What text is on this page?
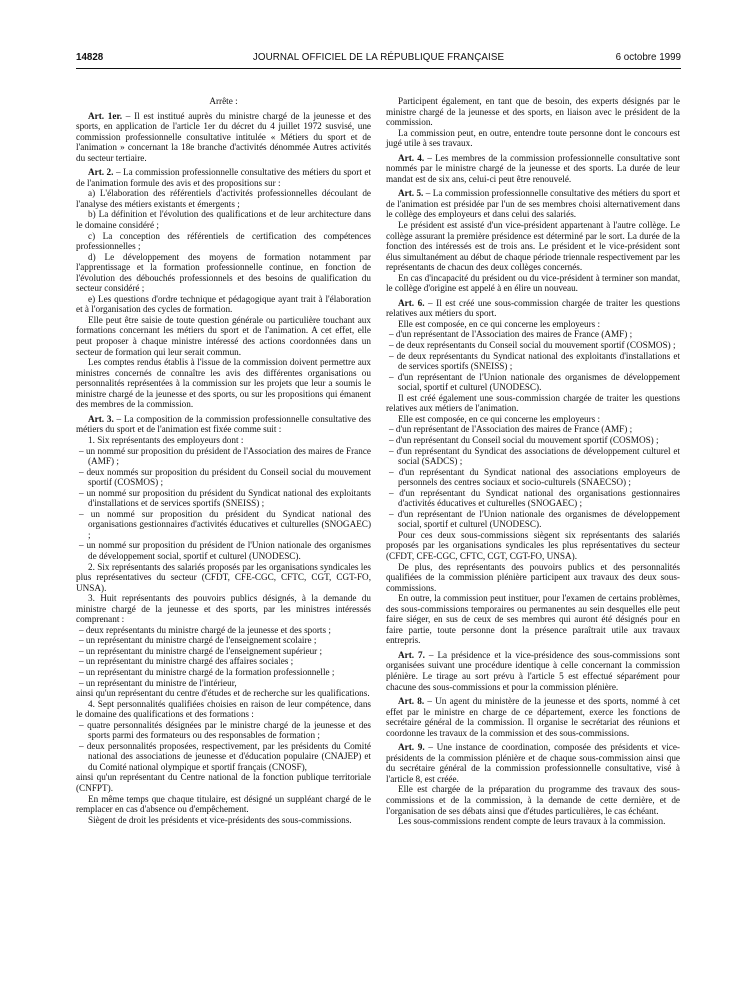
14828	JOURNAL OFFICIEL DE LA RÉPUBLIQUE FRANÇAISE	6 octobre 1999

Arrête :

Art. 1er. – Il est institué auprès du ministre chargé de la jeunesse et des sports, en application de l'article 1er du décret du 4 juillet 1972 susvisé, une commission professionnelle consultative intitulée « Métiers du sport et de l'animation » concernant la 18e branche d'activités dénommée Autres activités du secteur tertiaire.

Art. 2. – La commission professionnelle consultative des métiers du sport et de l'animation formule des avis et des propositions sur :

a) L'élaboration des référentiels d'activités professionnelles découlant de l'analyse des métiers existants et émergents ;

b) La définition et l'évolution des qualifications et de leur architecture dans le domaine considéré ;

c) La conception des référentiels de certification des compétences professionnelles ;

d) Le développement des moyens de formation notamment par l'apprentissage et la formation professionnelle continue, en fonction de l'évolution des débouchés professionnels et des besoins de qualification du secteur considéré ;

e) Les questions d'ordre technique et pédagogique ayant trait à l'élaboration et à l'organisation des cycles de formation.

Elle peut être saisie de toute question générale ou particulière touchant aux formations concernant les métiers du sport et de l'animation. A cet effet, elle peut proposer à chaque ministre intéressé des actions coordonnées dans un secteur de formation qui leur serait commun.

Les comptes rendus établis à l'issue de la commission doivent permettre aux ministres concernés de connaître les avis des différentes organisations ou personnalités représentées à la commission sur les projets que leur a soumis le ministre chargé de la jeunesse et des sports, ou sur les propositions qui émanent des membres de la commission.

Art. 3. – La composition de la commission professionnelle consultative des métiers du sport et de l'animation est fixée comme suit :

1. Six représentants des employeurs dont :

– un nommé sur proposition du président de l'Association des maires de France (AMF) ;
– deux nommés sur proposition du président du Conseil social du mouvement sportif (COSMOS) ;
– un nommé sur proposition du président du Syndicat national des exploitants d'installations et de services sportifs (SNEISS) ;
– un nommé sur proposition du président du Syndicat national des organisations gestionnaires d'activités éducatives et culturelles (SNOGAEC) ;
– un nommé sur proposition du président de l'Union nationale des organismes de développement social, sportif et culturel (UNODESC).

2. Six représentants des salariés proposés par les organisations syndicales les plus représentatives du secteur (CFDT, CFE-CGC, CFTC, CGT, CGT-FO, UNSA).

3. Huit représentants des pouvoirs publics désignés, à la demande du ministre chargé de la jeunesse et des sports, par les ministres intéressés comprenant :

– deux représentants du ministre chargé de la jeunesse et des sports ;
– un représentant du ministre chargé de l'enseignement scolaire ;
– un représentant du ministre chargé de l'enseignement supérieur ;
– un représentant du ministre chargé des affaires sociales ;
– un représentant du ministre chargé de la formation professionnelle ;
– un représentant du ministre de l'intérieur,

ainsi qu'un représentant du centre d'études et de recherche sur les qualifications.

4. Sept personnalités qualifiées choisies en raison de leur compétence, dans le domaine des qualifications et des formations :

– quatre personnalités désignées par le ministre chargé de la jeunesse et des sports parmi des formateurs ou des responsables de formation ;
– deux personnalités proposées, respectivement, par les présidents du Comité national des associations de jeunesse et d'éducation populaire (CNAJEP) et du Comité national olympique et sportif français (CNOSF),

ainsi qu'un représentant du Centre national de la fonction publique territoriale (CNFPT).

En même temps que chaque titulaire, est désigné un suppléant chargé de le remplacer en cas d'absence ou d'empêchement.

Siègent de droit les présidents et vice-présidents des sous-commissions.

Participent également, en tant que de besoin, des experts désignés par le ministre chargé de la jeunesse et des sports, en liaison avec le président de la commission.

La commission peut, en outre, entendre toute personne dont le concours est jugé utile à ses travaux.

Art. 4. – Les membres de la commission professionnelle consultative sont nommés par le ministre chargé de la jeunesse et des sports. La durée de leur mandat est de six ans, celui-ci peut être renouvelé.

Art. 5. – La commission professionnelle consultative des métiers du sport et de l'animation est présidée par l'un de ses membres choisi alternativement dans le collège des employeurs et dans celui des salariés.

Le président est assisté d'un vice-président appartenant à l'autre collège. Le collège assurant la première présidence est déterminé par le sort. La durée de la fonction des intéressés est de trois ans. Le président et le vice-président sont élus simultanément au début de chaque période triennale respectivement par les représentants de chacun des deux collèges concernés.

En cas d'incapacité du président ou du vice-président à terminer son mandat, le collège d'origine est appelé à en élire un nouveau.

Art. 6. – Il est créé une sous-commission chargée de traiter les questions relatives aux métiers du sport.

Elle est composée, en ce qui concerne les employeurs :

– d'un représentant de l'Association des maires de France (AMF) ;
– de deux représentants du Conseil social du mouvement sportif (COSMOS) ;
– de deux représentants du Syndicat national des exploitants d'installations et de services sportifs (SNEISS) ;
– d'un représentant de l'Union nationale des organismes de développement social, sportif et culturel (UNODESC).

Il est créé également une sous-commission chargée de traiter les questions relatives aux métiers de l'animation.

Elle est composée, en ce qui concerne les employeurs :

– d'un représentant de l'Association des maires de France (AMF) ;
– d'un représentant du Conseil social du mouvement sportif (COSMOS) ;
– d'un représentant du Syndicat des associations de développement culturel et social (SADCS) ;
– d'un représentant du Syndicat national des associations employeurs de personnels des centres sociaux et socio-culturels (SNAECSO) ;
– d'un représentant du Syndicat national des organisations gestionnaires d'activités éducatives et culturelles (SNOGAEC) ;
– d'un représentant de l'Union nationale des organismes de développement social, sportif et culturel (UNODESC).

Pour ces deux sous-commissions siègent six représentants des salariés proposés par les organisations syndicales les plus représentatives du secteur (CFDT, CFE-CGC, CFTC, CGT, CGT-FO, UNSA).

De plus, des représentants des pouvoirs publics et des personnalités qualifiées de la commission plénière participent aux travaux des deux sous-commissions.

En outre, la commission peut instituer, pour l'examen de certains problèmes, des sous-commissions temporaires ou permanentes au sein desquelles elle peut faire siéger, en sus de ceux de ses membres qui auront été désignés pour en faire partie, toute personne dont la présence paraîtrait utile aux travaux entrepris.

Art. 7. – La présidence et la vice-présidence des sous-commissions sont organisées suivant une procédure identique à celle concernant la commission plénière. Le tirage au sort prévu à l'article 5 est effectué séparément pour chacune des sous-commissions et pour la commission plénière.

Art. 8. – Un agent du ministère de la jeunesse et des sports, nommé à cet effet par le ministre en charge de ce département, exerce les fonctions de secrétaire général de la commission. Il organise le secrétariat des réunions et coordonne les travaux de la commission et des sous-commissions.

Art. 9. – Une instance de coordination, composée des présidents et vice-présidents de la commission plénière et de chaque sous-commission ainsi que du secrétaire général de la commission professionnelle consultative, visé à l'article 8, est créée.

Elle est chargée de la préparation du programme des travaux des sous-commissions et de la commission, à la demande de cette dernière, et de l'organisation de ses débats ainsi que d'études particulières, le cas échéant.

Les sous-commissions rendent compte de leurs travaux à la commission.
